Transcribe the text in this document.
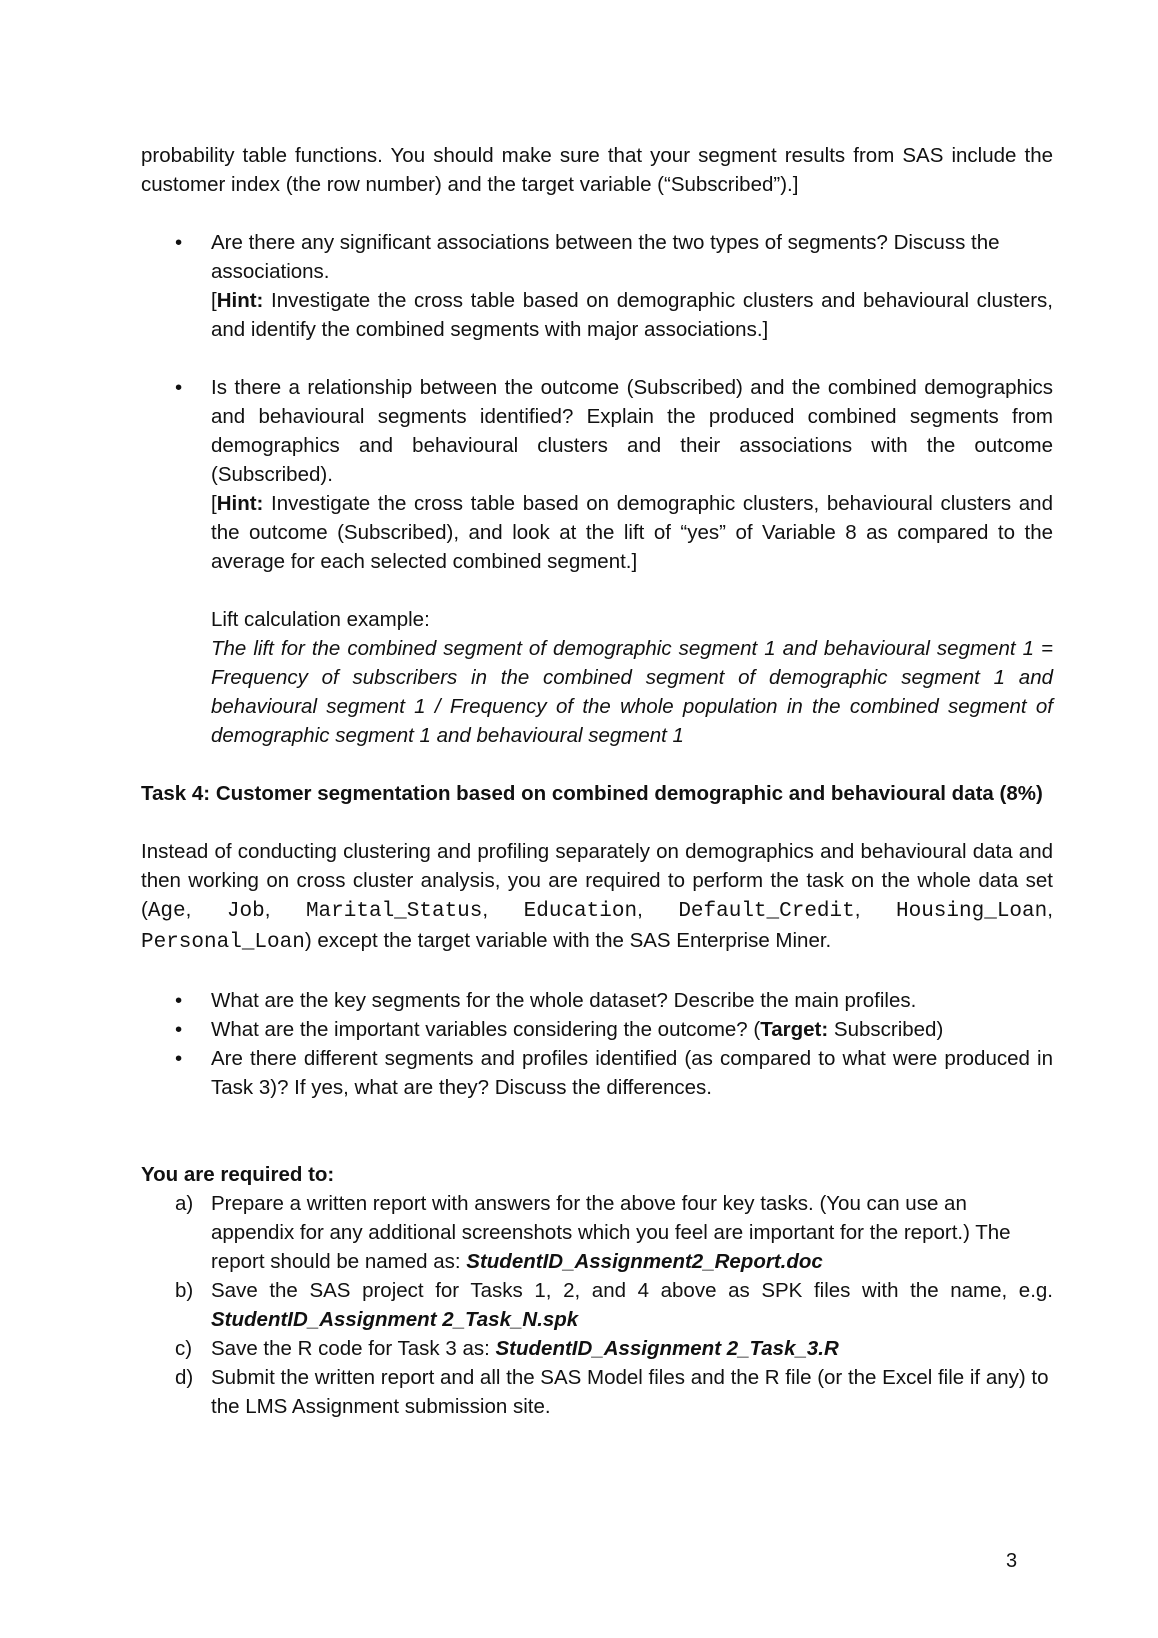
probability table functions. You should make sure that your segment results from SAS include the customer index (the row number) and the target variable (“Subscribed”).]

•	Are there any significant associations between the two types of segments? Discuss the associations.

[Hint: Investigate the cross table based on demographic clusters and behavioural clusters, and identify the combined segments with major associations.]

•	Is there a relationship between the outcome (Subscribed) and the combined demographics and behavioural segments identified? Explain the produced combined segments from demographics and behavioural clusters and their associations with the outcome (Subscribed).

[Hint: Investigate the cross table based on demographic clusters, behavioural clusters and the outcome (Subscribed), and look at the lift of “yes” of Variable 8 as compared to the average for each selected combined segment.]

Lift calculation example:

The lift for the combined segment of demographic segment 1 and behavioural segment 1 = Frequency of subscribers in the combined segment of demographic segment 1 and behavioural segment 1 / Frequency of the whole population in the combined segment of demographic segment 1 and behavioural segment 1

Task 4: Customer segmentation based on combined demographic and behavioural data (8%)

Instead of conducting clustering and profiling separately on demographics and behavioural data and then working on cross cluster analysis, you are required to perform the task on the whole data set (Age, Job, Marital_Status, Education, Default_Credit, Housing_Loan, Personal_Loan) except the target variable with the SAS Enterprise Miner.

•	What are the key segments for the whole dataset? Describe the main profiles.

•	What are the important variables considering the outcome? (Target: Subscribed)

•	Are there different segments and profiles identified (as compared to what were produced in Task 3)? If yes, what are they? Discuss the differences.

You are required to:

a) Prepare a written report with answers for the above four key tasks. (You can use an appendix for any additional screenshots which you feel are important for the report.) The report should be named as: StudentID_Assignment2_Report.doc

b) Save the SAS project for Tasks 1, 2, and 4 above as SPK files with the name, e.g. StudentID_Assignment 2_Task_N.spk

c) Save the R code for Task 3 as: StudentID_Assignment 2_Task_3.R

d) Submit the written report and all the SAS Model files and the R file (or the Excel file if any) to the LMS Assignment submission site.

3
